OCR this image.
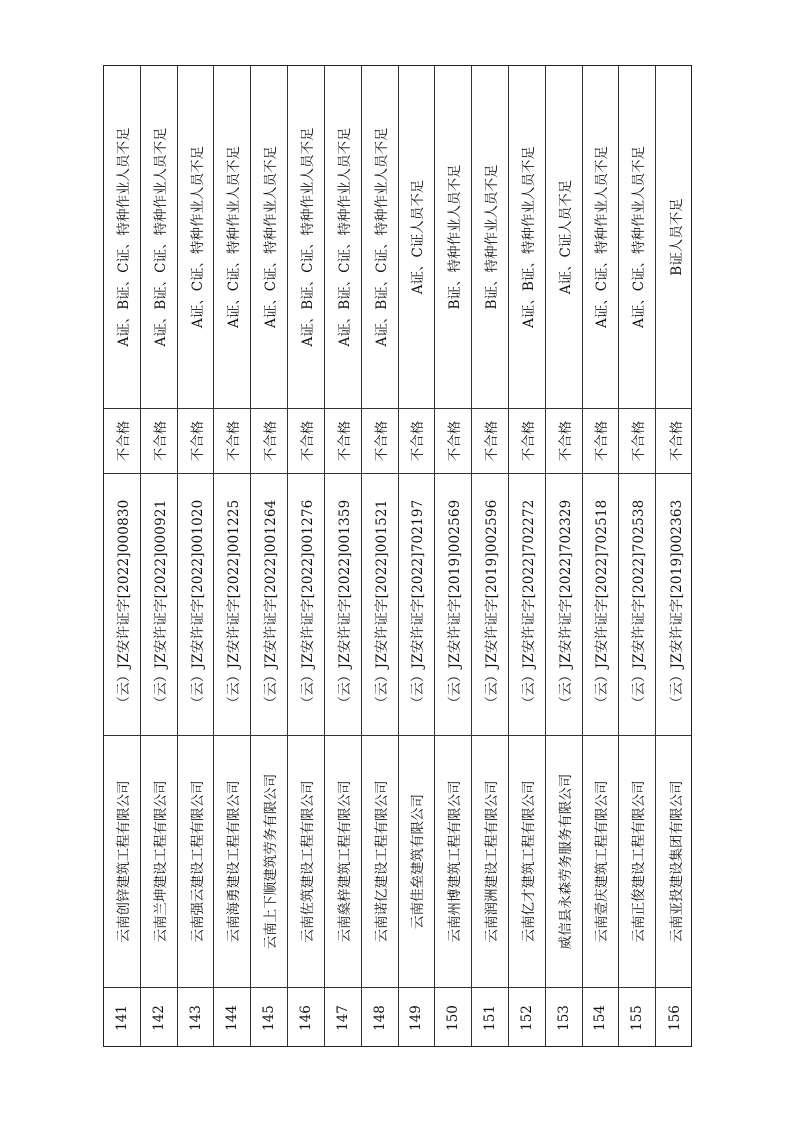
141
云南创锌建筑工程有限公司
（云）JZ安许证字[2022]000830
不合格
A证、B证、C证、特种作业人员不足
142
云南兰坤建设工程有限公司
（云）JZ安许证字[2022]000921
不合格
A证、B证、C证、特种作业人员不足
143
云南强云建设工程有限公司
（云）JZ安许证字[2022]001020
不合格
A证、C证、特种作业人员不足
144
云南海勇建设工程有限公司
（云）JZ安许证字[2022]001225
不合格
A证、C证、特种作业人员不足
145
云南上下顺建筑劳务有限公司
（云）JZ安许证字[2022]001264
不合格
A证、C证、特种作业人员不足
146
云南佐筑建设工程有限公司
（云）JZ安许证字[2022]001276
不合格
A证、B证、C证、特种作业人员不足
147
云南燊梓建筑工程有限公司
（云）JZ安许证字[2022]001359
不合格
A证、B证、C证、特种作业人员不足
148
云南诺亿建设工程有限公司
（云）JZ安许证字[2022]001521
不合格
A证、B证、C证、特种作业人员不足
149
云南佳垒建筑有限公司
（云）JZ安许证字[2022]702197
不合格
A证、C证人员不足
150
云南州博建筑工程有限公司
（云）JZ安许证字[2019]002569
不合格
B证、特种作业人员不足
151
云南润洲建设工程有限公司
（云）JZ安许证字[2019]002596
不合格
B证、特种作业人员不足
152
云南亿才建筑工程有限公司
（云）JZ安许证字[2022]702272
不合格
A证、B证、特种作业人员不足
153
威信县永森劳务服务有限公司
（云）JZ安许证字[2022]702329
不合格
A证、C证人员不足
154
云南壹庆建筑工程有限公司
（云）JZ安许证字[2022]702518
不合格
A证、C证、特种作业人员不足
155
云南正俊建设工程有限公司
（云）JZ安许证字[2022]702538
不合格
A证、C证、特种作业人员不足
156
云南亚投建设集团有限公司
（云）JZ安许证字[2019]002363
不合格
B证人员不足
